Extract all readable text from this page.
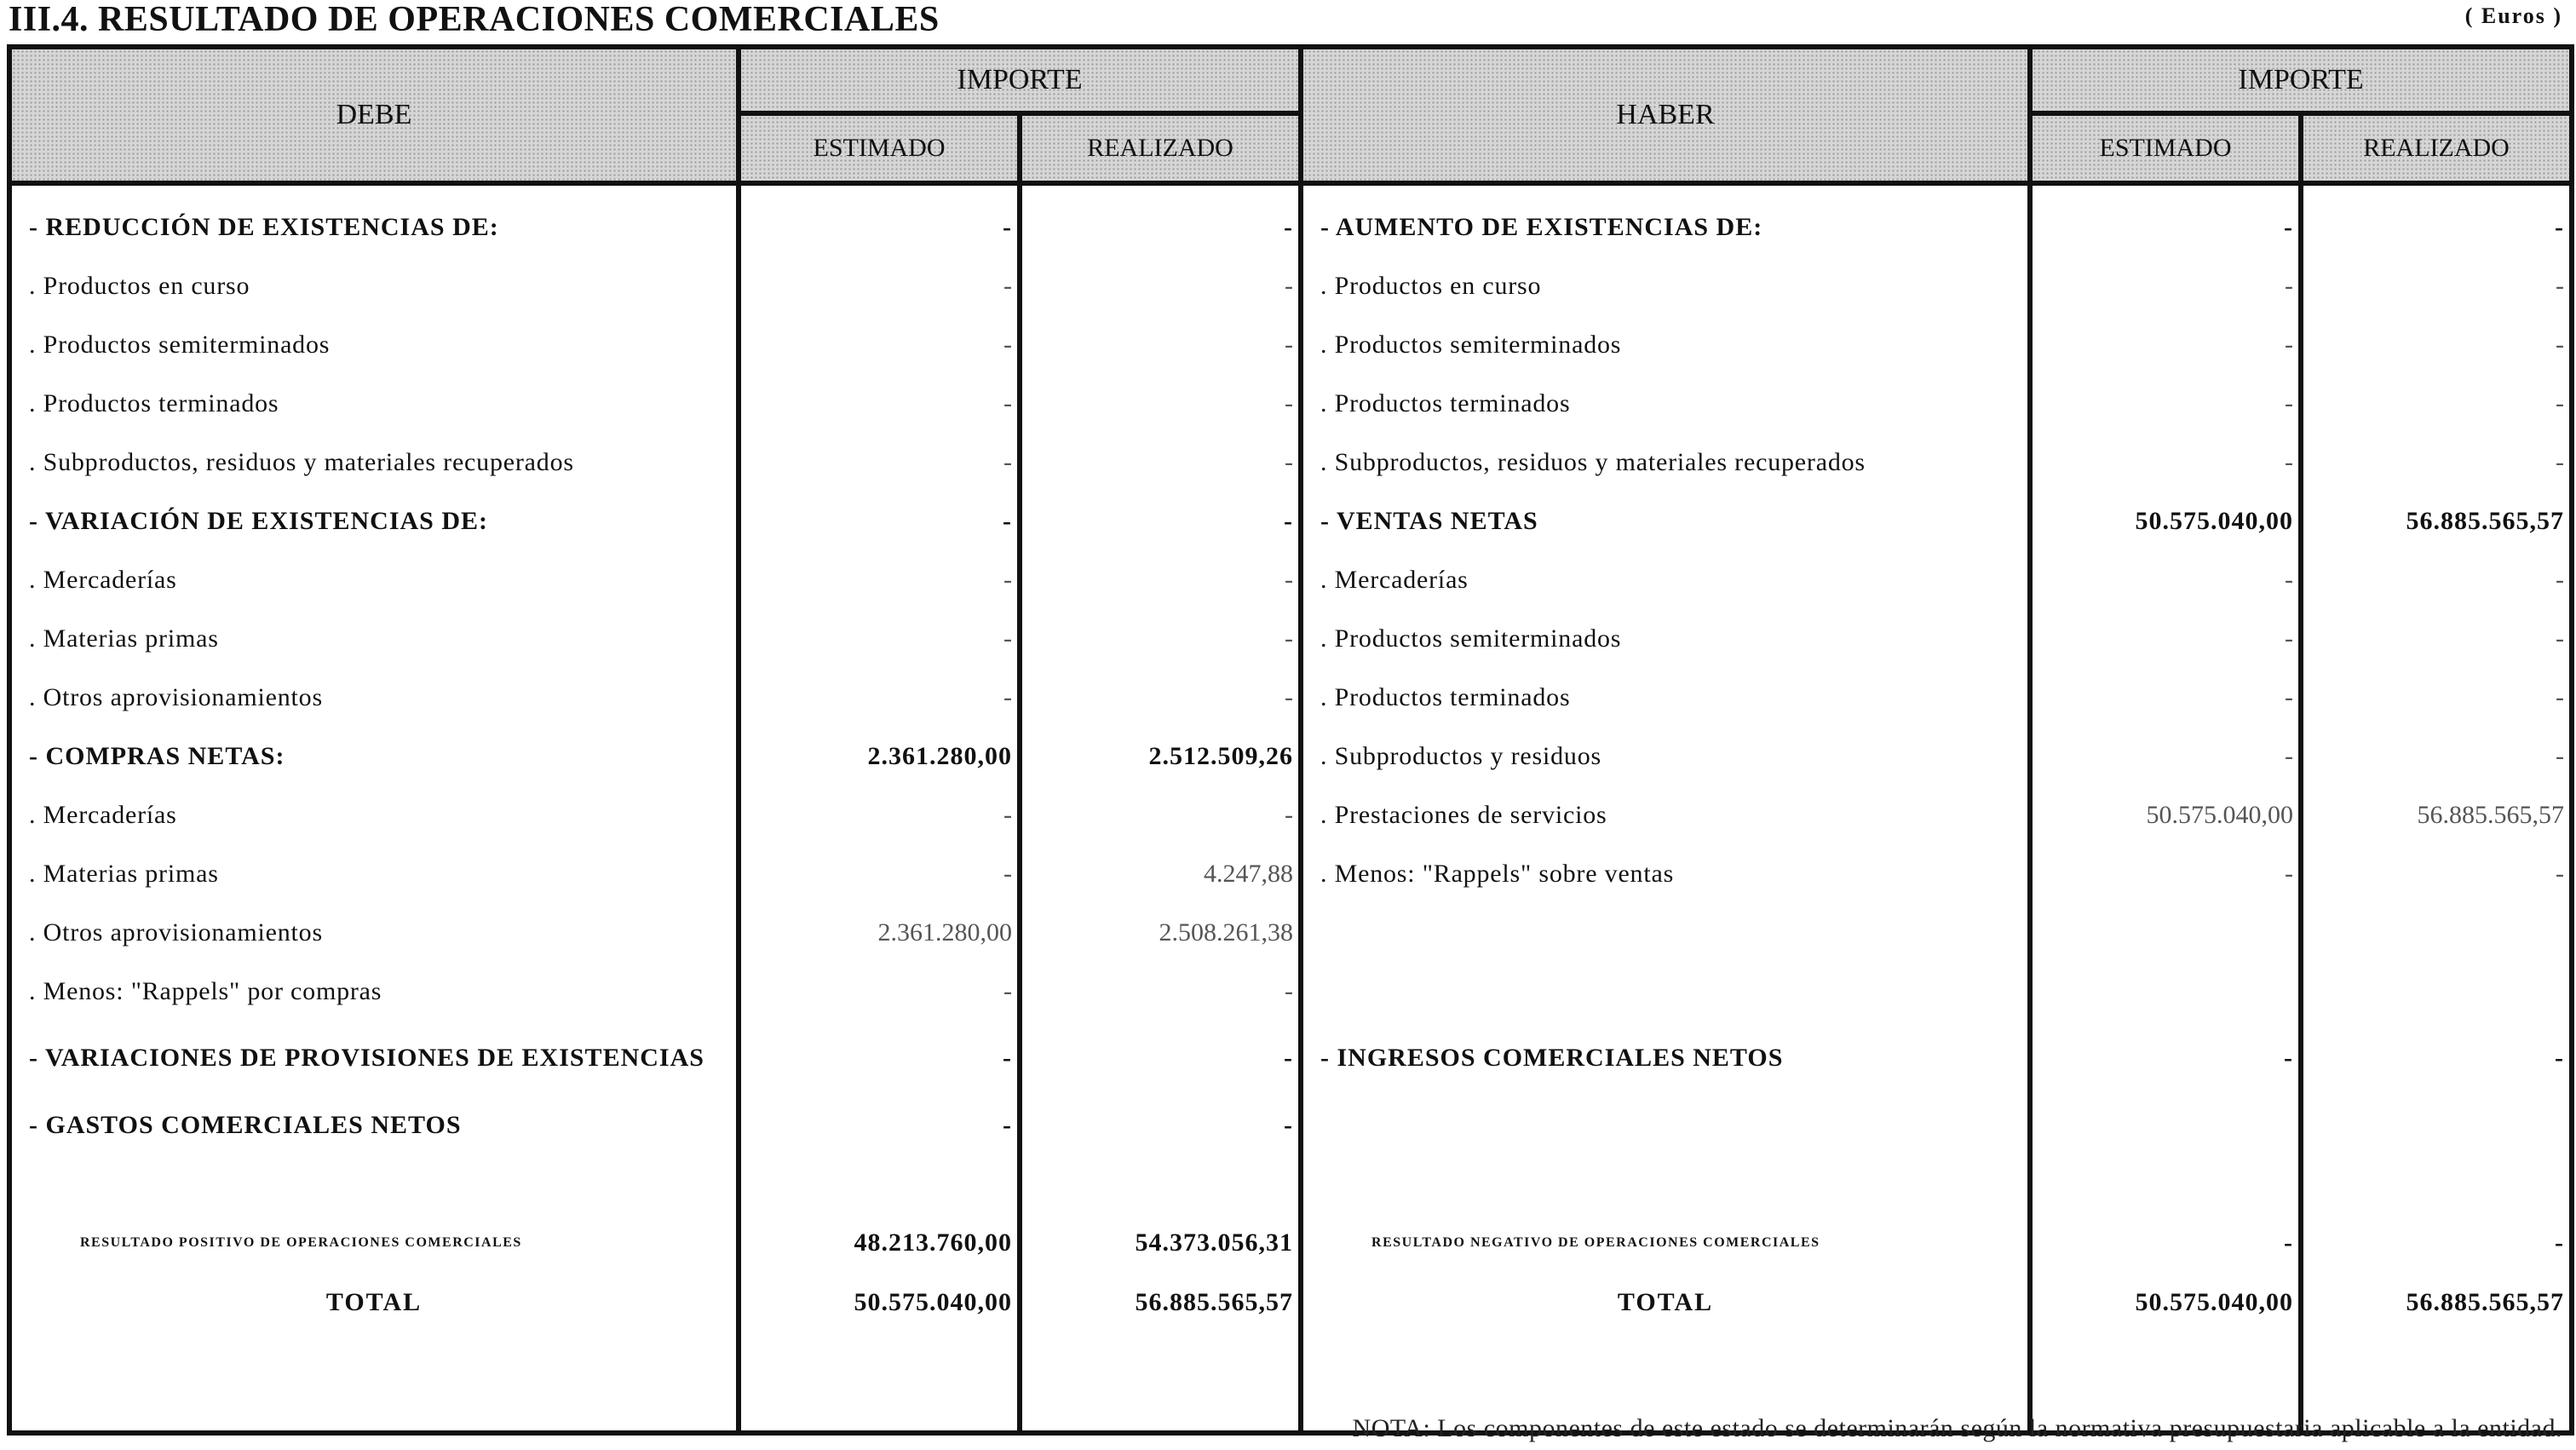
III.4. RESULTADO DE OPERACIONES COMERCIALES	( Euros )
DEBE	IMPORTE		HABER	IMPORTE	
	ESTIMADO	REALIZADO		ESTIMADO	REALIZADO
- REDUCCIÓN DE EXISTENCIAS DE:	-	-	- AUMENTO DE EXISTENCIAS DE:	-	-
. Productos en curso	-	-	. Productos en curso	-	-
. Productos semiterminados	-	-	. Productos semiterminados	-	-
. Productos terminados	-	-	. Productos terminados	-	-
. Subproductos, residuos y materiales recuperados	-	-	. Subproductos, residuos y materiales recuperados	-	-
- VARIACIÓN DE EXISTENCIAS DE:	-	-	- VENTAS NETAS	50.575.040,00	56.885.565,57
. Mercaderías	-	-	. Mercaderías	-	-
. Materias primas	-	-	. Productos semiterminados	-	-
. Otros aprovisionamientos	-	-	. Productos terminados	-	-
- COMPRAS NETAS:	2.361.280,00	2.512.509,26	. Subproductos y residuos	-	-
. Mercaderías	-	-	. Prestaciones de servicios	50.575.040,00	56.885.565,57
. Materias primas	-	4.247,88	. Menos: "Rappels" sobre ventas	-	-
. Otros aprovisionamientos	2.361.280,00	2.508.261,38			
. Menos: "Rappels" por compras	-	-			
- VARIACIONES DE PROVISIONES DE EXISTENCIAS	-	-	- INGRESOS COMERCIALES NETOS	-	-
- GASTOS COMERCIALES NETOS	-	-			

RESULTADO POSITIVO DE OPERACIONES COMERCIALES	48.213.760,00	54.373.056,31	RESULTADO NEGATIVO DE OPERACIONES COMERCIALES	-	-
TOTAL	50.575.040,00	56.885.565,57	TOTAL	50.575.040,00	56.885.565,57

NOTA: Los componentes de este estado se determinarán según la normativa presupuestaria aplicable a la entidad.
